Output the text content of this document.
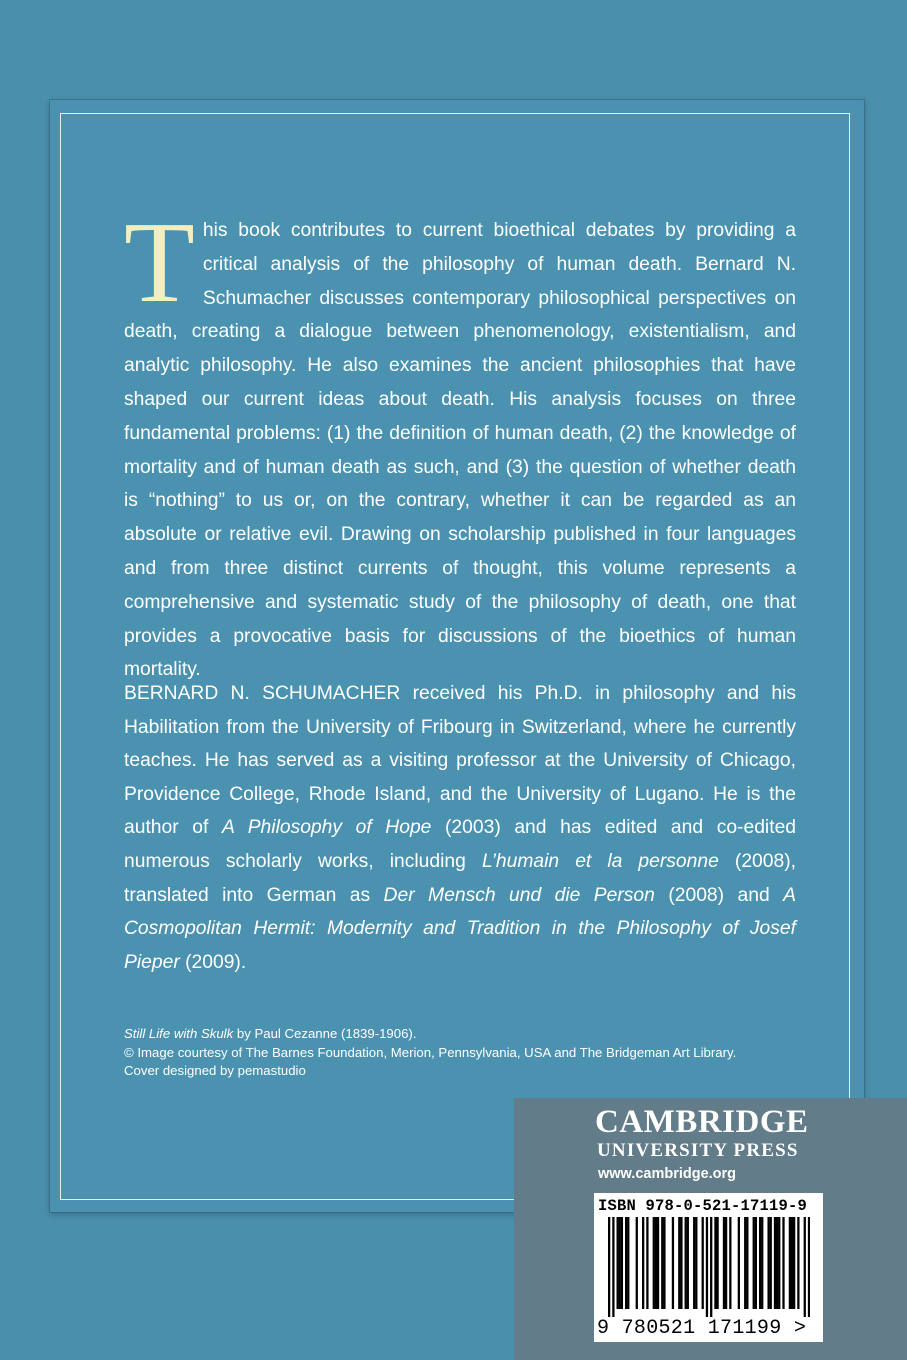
This book contributes to current bioethical debates by providing a critical analysis of the philosophy of human death. Bernard N. Schumacher discusses contemporary philosophical perspectives on death, creating a dialogue between phenomenology, existentialism, and analytic philosophy. He also examines the ancient philosophies that have shaped our current ideas about death. His analysis focuses on three fundamental problems: (1) the definition of human death, (2) the knowledge of mortality and of human death as such, and (3) the question of whether death is “nothing” to us or, on the contrary, whether it can be regarded as an absolute or relative evil. Drawing on scholarship published in four languages and from three distinct currents of thought, this volume represents a comprehensive and systematic study of the philosophy of death, one that provides a provocative basis for discussions of the bioethics of human mortality.
BERNARD N. SCHUMACHER received his Ph.D. in philosophy and his Habilitation from the University of Fribourg in Switzerland, where he currently teaches. He has served as a visiting professor at the University of Chicago, Providence College, Rhode Island, and the University of Lugano. He is the author of A Philosophy of Hope (2003) and has edited and co-edited numerous scholarly works, including L’humain et la personne (2008), translated into German as Der Mensch und die Person (2008) and A Cosmopolitan Hermit: Modernity and Tradition in the Philosophy of Josef Pieper (2009).
Still Life with Skulk by Paul Cezanne (1839-1906).
© Image courtesy of The Barnes Foundation, Merion, Pennsylvania, USA and The Bridgeman Art Library.
Cover designed by pemastudio
CAMBRIDGE
UNIVERSITY PRESS
www.cambridge.org
ISBN 978-0-521-17119-9
9 780521 171199 >
